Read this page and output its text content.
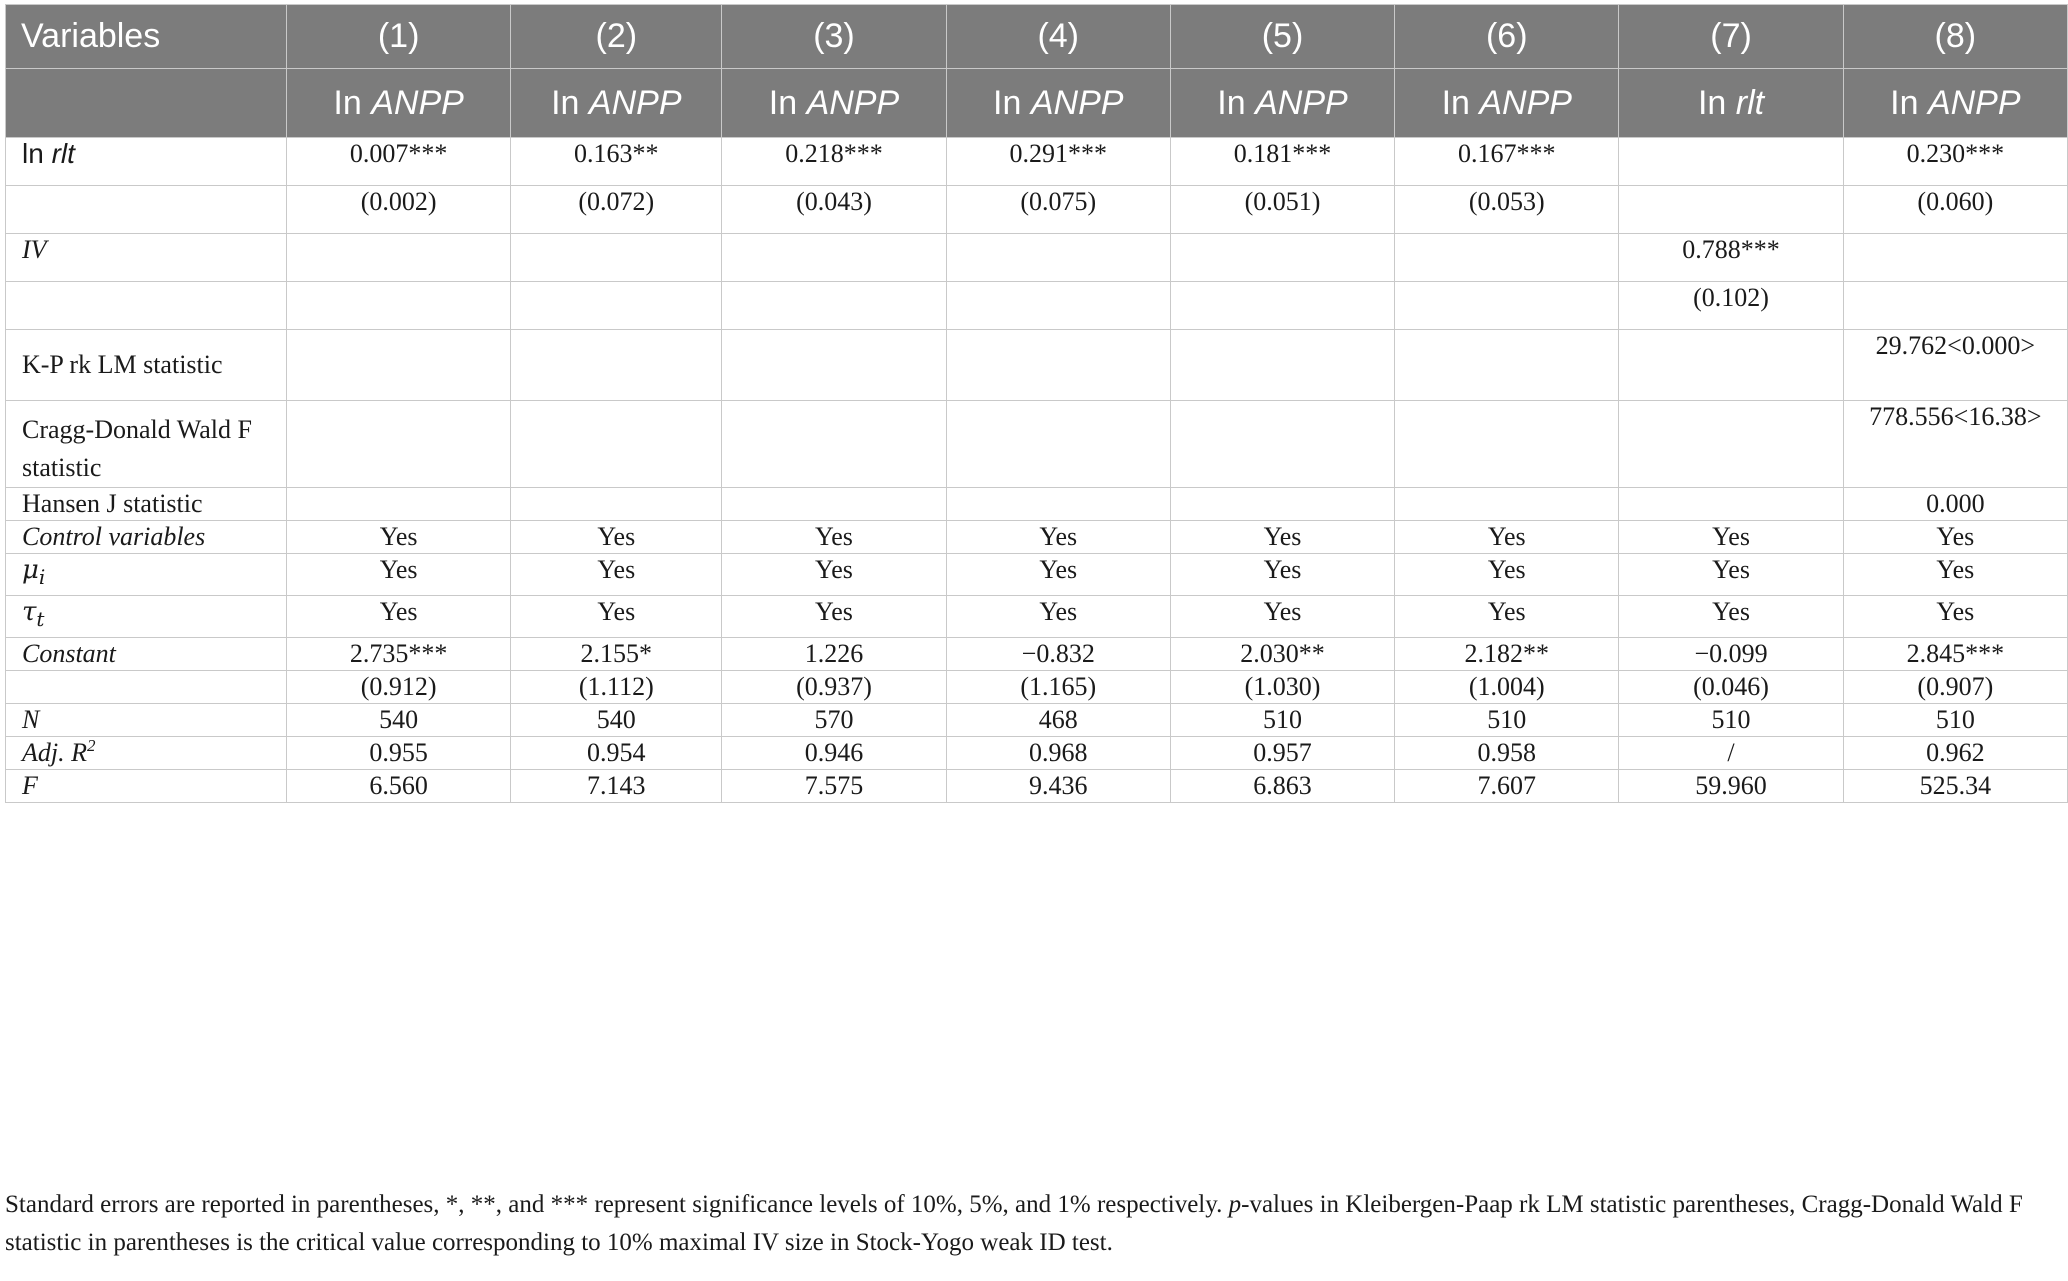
Variables	(1)	(2)	(3)	(4)	(5)	(6)	(7)	(8)
	In ANPP	In ANPP	In ANPP	In ANPP	In ANPP	In ANPP	In rlt	In ANPP
ln rlt	0.007***	0.163**	0.218***	0.291***	0.181***	0.167***		0.230***
	(0.002)	(0.072)	(0.043)	(0.075)	(0.051)	(0.053)		(0.060)
IV							0.788***	
							(0.102)	
K-P rk LM statistic								29.762<0.000>
Cragg-Donald Wald F statistic								778.556<16.38>
Hansen J statistic								0.000
Control variables	Yes	Yes	Yes	Yes	Yes	Yes	Yes	Yes
$\mu_i$	Yes	Yes	Yes	Yes	Yes	Yes	Yes	Yes
$\tau_t$	Yes	Yes	Yes	Yes	Yes	Yes	Yes	Yes
Constant	2.735***	2.155*	1.226	−0.832	2.030**	2.182**	−0.099	2.845***
	(0.912)	(1.112)	(0.937)	(1.165)	(1.030)	(1.004)	(0.046)	(0.907)
N	540	540	570	468	510	510	510	510
Adj. $R^2$	0.955	0.954	0.946	0.968	0.957	0.958	/	0.962
F	6.560	7.143	7.575	9.436	6.863	7.607	59.960	525.34
Standard errors are reported in parentheses, *, **, and *** represent significance levels of 10%, 5%, and 1% respectively. p-values in Kleibergen-Paap rk LM statistic parentheses, Cragg-Donald Wald F statistic in parentheses is the critical value corresponding to 10% maximal IV size in Stock-Yogo weak ID test.
